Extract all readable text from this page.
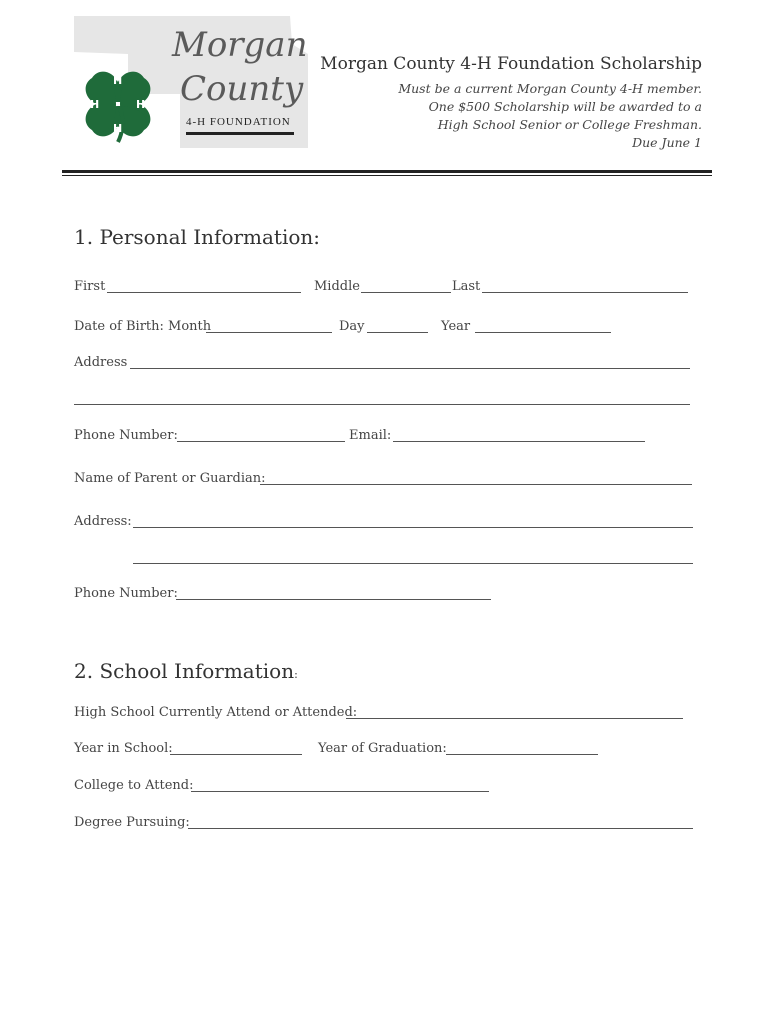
H
H
H
H
Morgan
County
4-H FOUNDATION
Morgan County 4-H Foundation Scholarship
Must be a current Morgan County 4-H member.
One $500 Scholarship will be awarded to a
High School Senior or College Freshman.
Due June 1
1. Personal Information:
First	Middle	Last
Date of Birth: Month	Day	Year
Address
Phone Number:	Email:
Name of Parent or Guardian:
Address:
Phone Number:
2. School Information:
High School Currently Attend or Attended:
Year in School:	Year of Graduation:
College to Attend:
Degree Pursuing:
